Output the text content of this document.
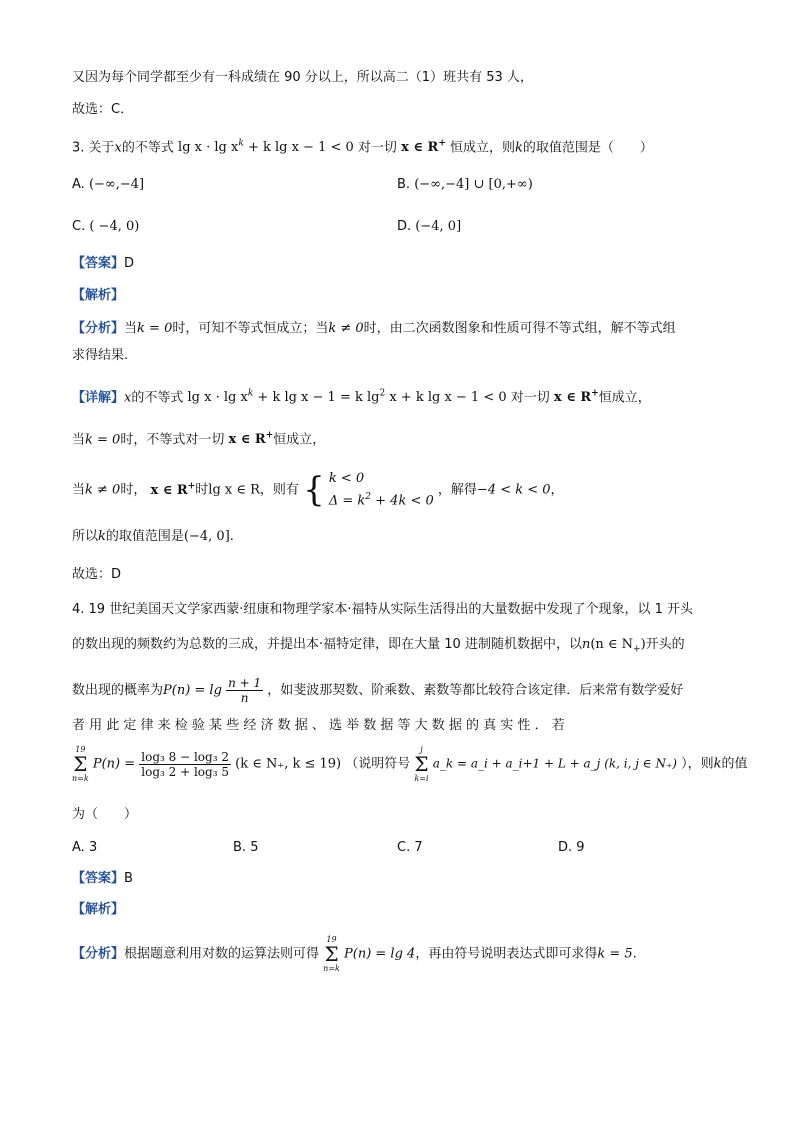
又因为每个同学都至少有一科成绩在 90 分以上，所以高二（1）班共有 53 人，
故选：C．
3. 关于x的不等式 $\lg x \cdot \lg x^k + k$ lg x − 1 < 0 对一切 x ∈ R+ 恒成立，则k的取值范围是（　　）
A. (−∞,−4]	B. (−∞,−4] ∪ [0,+∞)
C. ( −4, 0)	D. (−4, 0]
【答案】D
【解析】
【分析】当k = 0时，可知不等式恒成立；当k ≠ 0时，由二次函数图象和性质可得不等式组，解不等式组
求得结果.
【详解】x的不等式 $\lg x \cdot \lg x^k + k$ lg x − 1 = k $\lg^2 x + k$ lg x − 1 < 0 对一切 x ∈ R+恒成立，
当k = 0时，不等式对一切 x ∈ R+恒成立，
当k ≠ 0时， x ∈ R+时lg x ∈ R，则有 { k < 0
$\Delta = k^2 + 4k < 0$
，解得−4 < k < 0，
所以k的取值范围是(−4, 0].
故选：D
4. 19 世纪美国天文学家西蒙·纽康和物理学家本·福特从实际生活得出的大量数据中发现了个现象，以 1 开头
的数出现的频数约为总数的三成，并提出本·福特定律，即在大量 10 进制随机数据中，以n(n ∈ $N_+$)开头的
数出现的概率为$P(n) = \lg \frac{n + 1}{n}$ ，如斐波那契数、阶乘数、素数等都比较符合该定律．后来常有数学爱好
者 用 此 定 律 来 检 验 某 些 经 济 数 据 、 选 举 数 据 等 大 数 据 的 真 实 性 ． 若
19
Σ
n=k
$P(n) = \frac{\text{log₃ 8 − log₃ 2}}{\text{log₃ 2 + log₃ 5}} (k$ ∈ N₊, k ≤ 19) （说明符号
j
Σ
k=i
a_k = a_i + a_i+1 + L + a_j (k, i, j ∈ N₊) ），则k的值
为（　　）
A. 3	B. 5	C. 7	D. 9
【答案】B
【解析】
【分析】根据题意利用对数的运算法则可得
19
Σ
n=k
P(n) = lg 4，再由符号说明表达式即可求得k = 5.
